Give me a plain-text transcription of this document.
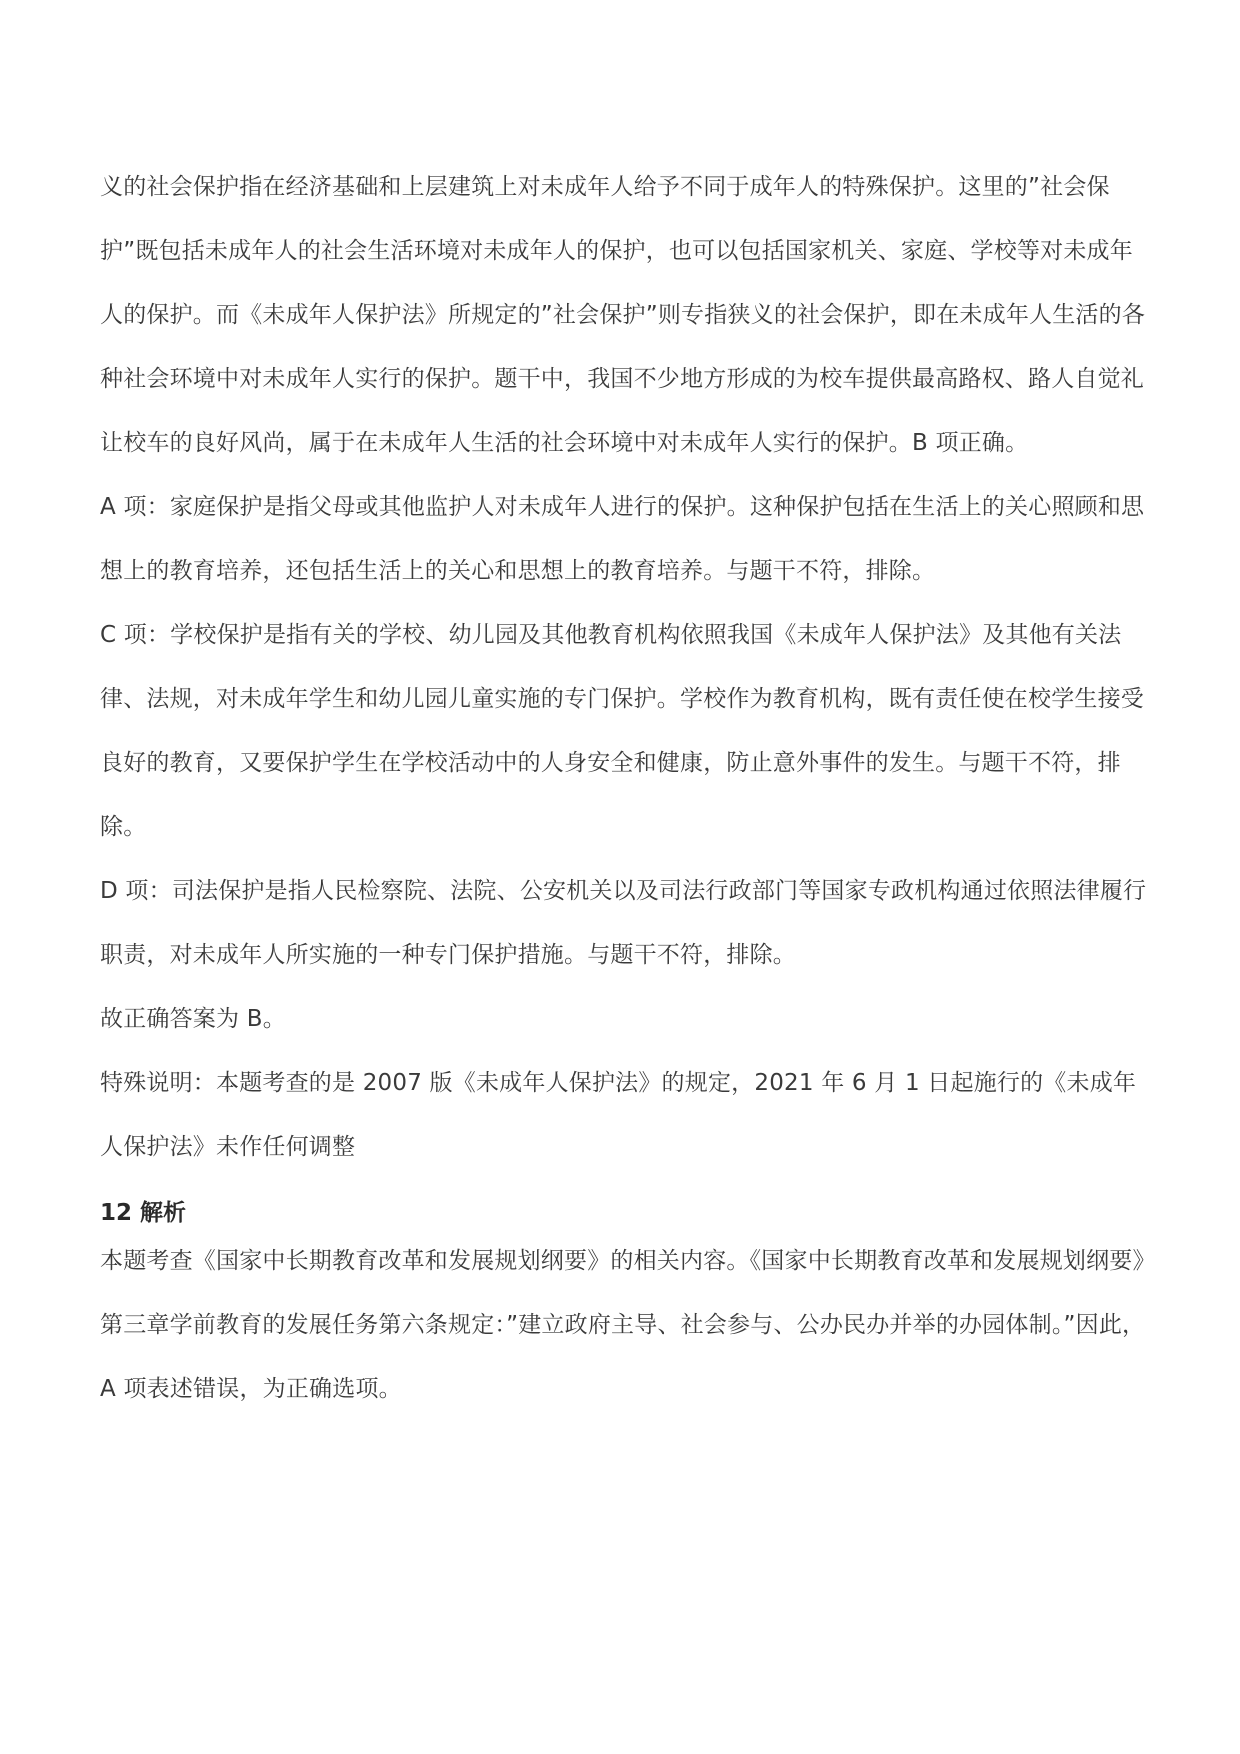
义的社会保护指在经济基础和上层建筑上对未成年人给予不同于成年人的特殊保护。这里的”社会保护”既包括未成年人的社会生活环境对未成年人的保护，也可以包括国家机关、家庭、学校等对未成年人的保护。而《未成年人保护法》所规定的”社会保护”则专指狭义的社会保护，即在未成年人生活的各种社会环境中对未成年人实行的保护。题干中，我国不少地方形成的为校车提供最高路权、路人自觉礼让校车的良好风尚，属于在未成年人生活的社会环境中对未成年人实行的保护。B 项正确。

A 项：家庭保护是指父母或其他监护人对未成年人进行的保护。这种保护包括在生活上的关心照顾和思想上的教育培养，还包括生活上的关心和思想上的教育培养。与题干不符，排除。

C 项：学校保护是指有关的学校、幼儿园及其他教育机构依照我国《未成年人保护法》及其他有关法律、法规，对未成年学生和幼儿园儿童实施的专门保护。学校作为教育机构，既有责任使在校学生接受良好的教育，又要保护学生在学校活动中的人身安全和健康，防止意外事件的发生。与题干不符，排除。

D 项：司法保护是指人民检察院、法院、公安机关以及司法行政部门等国家专政机构通过依照法律履行职责，对未成年人所实施的一种专门保护措施。与题干不符，排除。

故正确答案为 B。

特殊说明：本题考查的是 2007 版《未成年人保护法》的规定，2021 年 6 月 1 日起施行的《未成年人保护法》未作任何调整

12 解析

本题考查《国家中长期教育改革和发展规划纲要》的相关内容。《国家中长期教育改革和发展规划纲要》第三章学前教育的发展任务第六条规定：”建立政府主导、社会参与、公办民办并举的办园体制。”因此，A 项表述错误，为正确选项。
